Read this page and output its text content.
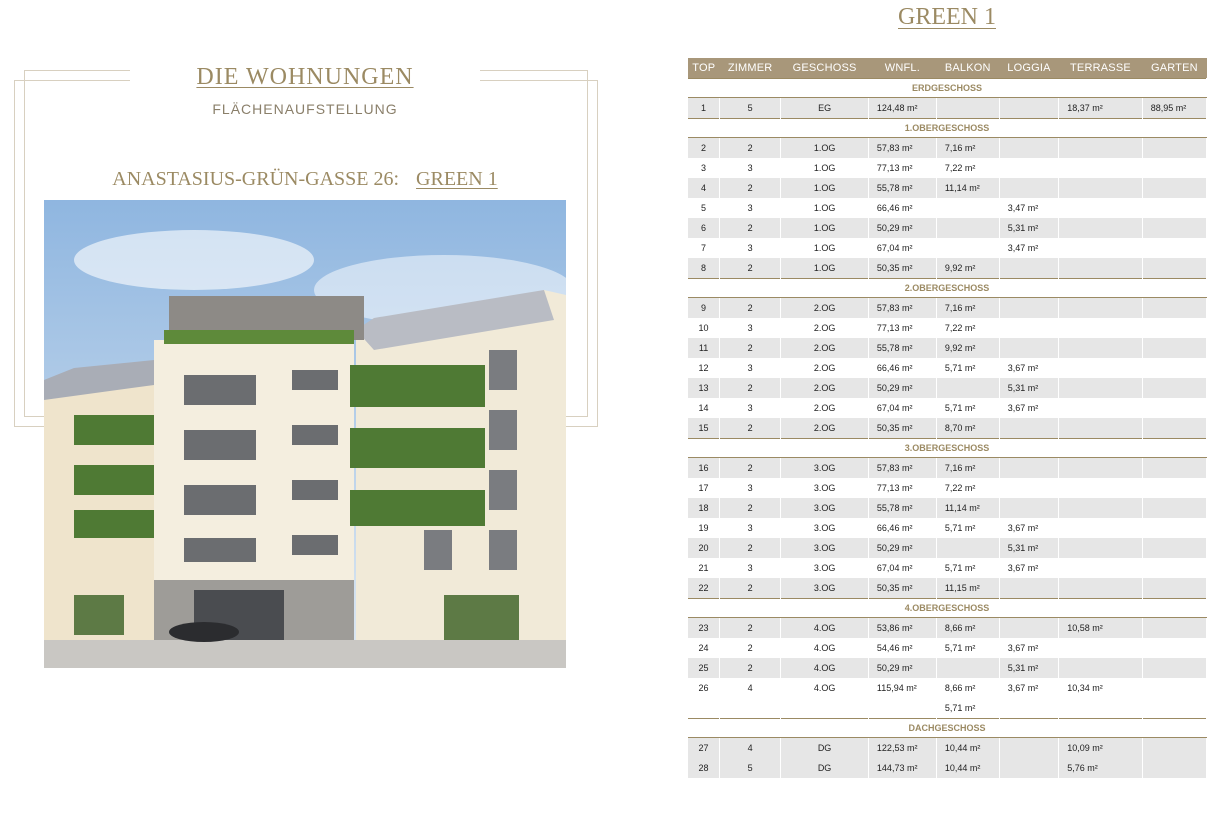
DIE WOHNUNGEN
FLÄCHENAUFSTELLUNG
ANASTASIUS-GRÜN-GASSE 26: GREEN 1
GREEN 1
TOP	ZIMMER	GESCHOSS	WNFL.	BALKON	LOGGIA	TERRASSE	GARTEN
ERDGESCHOSS							
1	5	EG	124,48 m²			18,37 m²	88,95 m²
1.OBERGESCHOSS							
2	2	1.OG	57,83 m²	7,16 m²			
3	3	1.OG	77,13 m²	7,22 m²			
4	2	1.OG	55,78 m²	11,14 m²			
5	3	1.OG	66,46 m²		3,47 m²		
6	2	1.OG	50,29 m²		5,31 m²		
7	3	1.OG	67,04 m²		3,47 m²		
8	2	1.OG	50,35 m²	9,92 m²			
2.OBERGESCHOSS							
9	2	2.OG	57,83 m²	7,16 m²			
10	3	2.OG	77,13 m²	7,22 m²			
11	2	2.OG	55,78 m²	9,92 m²			
12	3	2.OG	66,46 m²	5,71 m²	3,67 m²		
13	2	2.OG	50,29 m²		5,31 m²		
14	3	2.OG	67,04 m²	5,71 m²	3,67 m²		
15	2	2.OG	50,35 m²	8,70 m²			
3.OBERGESCHOSS							
16	2	3.OG	57,83 m²	7,16 m²			
17	3	3.OG	77,13 m²	7,22 m²			
18	2	3.OG	55,78 m²	11,14 m²			
19	3	3.OG	66,46 m²	5,71 m²	3,67 m²		
20	2	3.OG	50,29 m²		5,31 m²		
21	3	3.OG	67,04 m²	5,71 m²	3,67 m²		
22	2	3.OG	50,35 m²	11,15 m²			
4.OBERGESCHOSS							
23	2	4.OG	53,86 m²	8,66 m²		10,58 m²	
24	2	4.OG	54,46 m²	5,71 m²	3,67 m²		
25	2	4.OG	50,29 m²		5,31 m²		
26	4	4.OG	115,94 m²	8,66 m²	3,67 m²	10,34 m²	
				5,71 m²			
DACHGESCHOSS							
27	4	DG	122,53 m²	10,44 m²		10,09 m²	
28	5	DG	144,73 m²	10,44 m²		5,76 m²	
